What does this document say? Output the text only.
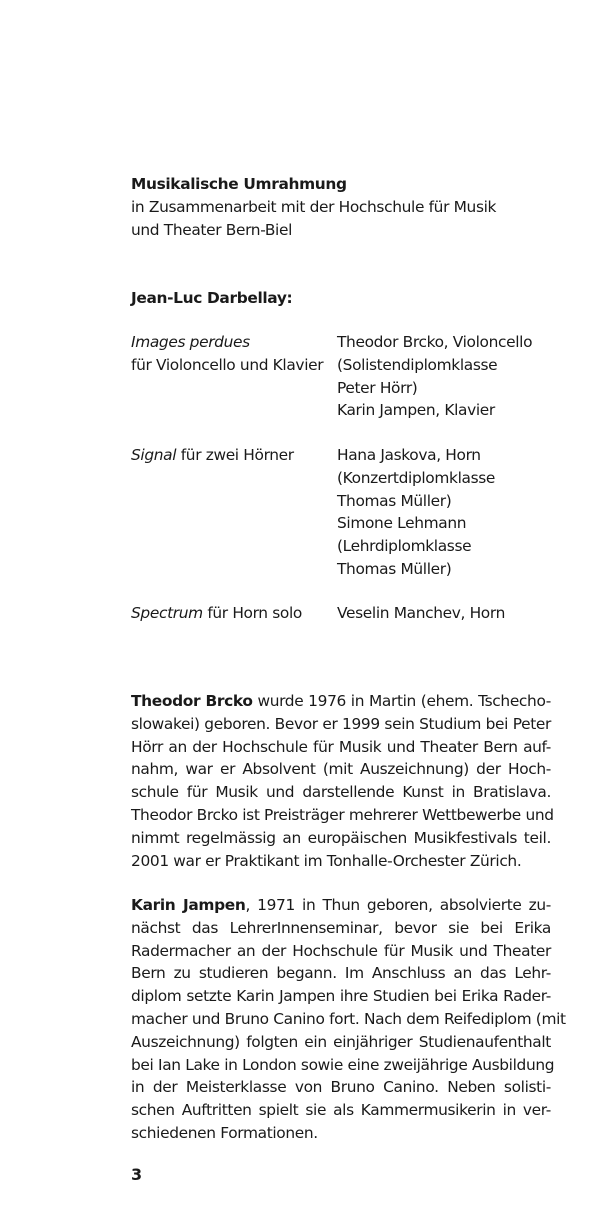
Musikalische Umrahmung
in Zusammenarbeit mit der Hochschule für Musik
und Theater Bern-Biel
Jean-Luc Darbellay:
Images perdues
für Violoncello und Klavier
Theodor Brcko, Violoncello
(Solistendiplomklasse
Peter Hörr)
Karin Jampen, Klavier
Signal für zwei Hörner	Hana Jaskova, Horn
(Konzertdiplomklasse
Thomas Müller)
Simone Lehmann
(Lehrdiplomklasse
Thomas Müller)
Spectrum für Horn solo Veselin Manchev, Horn
Theodor Brcko wurde 1976 in Martin (ehem. Tschecho-
slowakei) geboren. Bevor er 1999 sein Studium bei Peter
Hörr an der Hochschule für Musik und Theater Bern auf-
nahm, war er Absolvent (mit Auszeichnung) der Hoch-
schule für Musik und darstellende Kunst in Bratislava.
Theodor Brcko ist Preisträger mehrerer Wettbewerbe und
nimmt regelmässig an europäischen Musikfestivals teil.
2001 war er Praktikant im Tonhalle-Orchester Zürich.
Karin Jampen, 1971 in Thun geboren, absolvierte zu-
nächst das LehrerInnenseminar, bevor sie bei Erika
Radermacher an der Hochschule für Musik und Theater
Bern zu studieren begann. Im Anschluss an das Lehr-
diplom setzte Karin Jampen ihre Studien bei Erika Rader-
macher und Bruno Canino fort. Nach dem Reifediplom (mit
Auszeichnung) folgten ein einjähriger Studienaufenthalt
bei Ian Lake in London sowie eine zweijährige Ausbildung
in der Meisterklasse von Bruno Canino. Neben solisti-
schen Auftritten spielt sie als Kammermusikerin in ver-
schiedenen Formationen.
3
